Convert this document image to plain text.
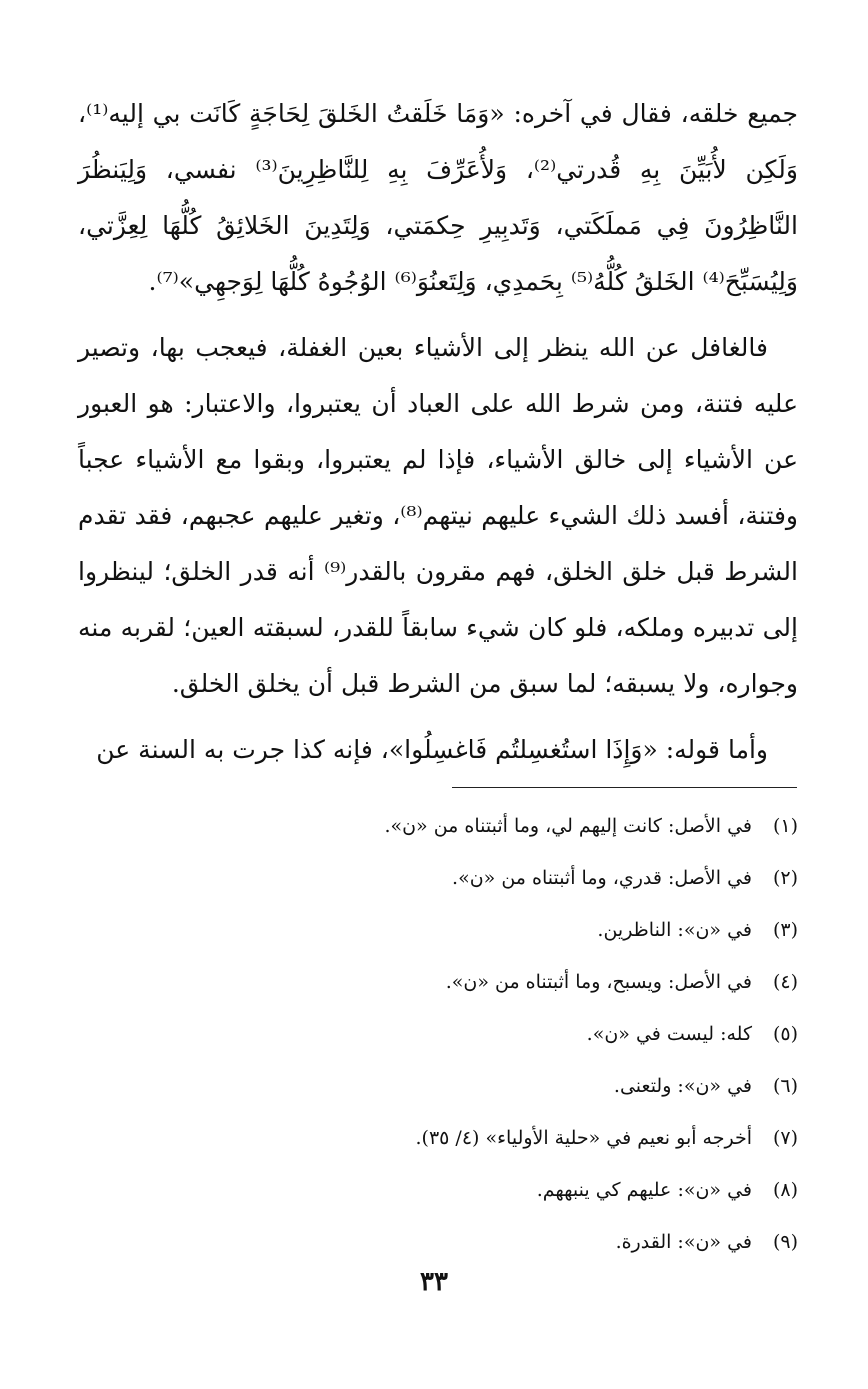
جميع خلقه، فقال في آخره: «وَمَا خَلَقتُ الخَلقَ لِحَاجَةٍ كَانَت بي إليه⁽¹⁾، وَلَكِن لأُبَيِّنَ بِهِ قُدرتي⁽²⁾، وَلأُعَرِّفَ بِهِ لِلنَّاظِرِينَ⁽³⁾ نفسي، وَلِيَنظُرَ النَّاظِرُونَ فِي مَملَكَتي، وَتَدبِيرِ حِكمَتي، وَلِتَدِينَ الخَلائِقُ كُلُّهَا لِعِزَّتي، وَلِيُسَبِّحَ⁽⁴⁾ الخَلقُ كُلُّهُ⁽⁵⁾ بِحَمدِي، وَلِتَعنُوَ⁽⁶⁾ الوُجُوهُ كُلُّهَا لِوَجهِي»⁽⁷⁾.

فالغافل عن الله ينظر إلى الأشياء بعين الغفلة، فيعجب بها، وتصير عليه فتنة، ومن شرط الله على العباد أن يعتبروا، والاعتبار: هو العبور عن الأشياء إلى خالق الأشياء، فإذا لم يعتبروا، وبقوا مع الأشياء عجباً وفتنة، أفسد ذلك الشيء عليهم نيتهم⁽⁸⁾، وتغير عليهم عجبهم، فقد تقدم الشرط قبل خلق الخلق، فهم مقرون بالقدر⁽⁹⁾ أنه قدر الخلق؛ لينظروا إلى تدبيره وملكه، فلو كان شيء سابقاً للقدر، لسبقته العين؛ لقربه منه وجواره، ولا يسبقه؛ لما سبق من الشرط قبل أن يخلق الخلق.

وأما قوله: «وَإِذَا استُغسِلتُم فَاغسِلُوا»، فإنه كذا جرت به السنة عن

(١)في الأصل: كانت إليهم لي، وما أثبتناه من «ن».
(٢)في الأصل: قدري، وما أثبتناه من «ن».
(٣)في «ن»: الناظرين.
(٤)في الأصل: ويسبح، وما أثبتناه من «ن».
(٥)كله: ليست في «ن».
(٦)في «ن»: ولتعنى.
(٧)أخرجه أبو نعيم في «حلية الأولياء» (٤/ ٣٥).
(٨)في «ن»: عليهم كي ينبههم.
(٩)في «ن»: القدرة.
٣٣
